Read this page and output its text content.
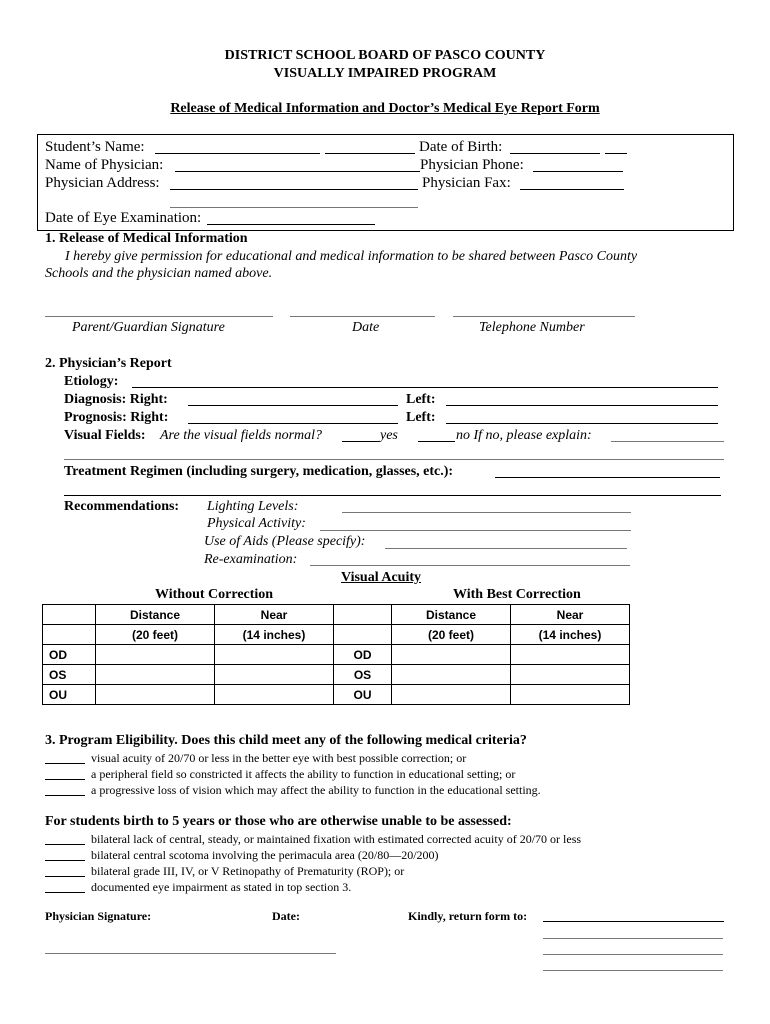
DISTRICT SCHOOL BOARD OF PASCO COUNTY
VISUALLY IMPAIRED PROGRAM
Release of Medical Information and Doctor’s Medical Eye Report Form
Student’s Name:	Date of Birth:
Name of Physician:	Physician Phone:
Physician Address:	Physician Fax:
Date of Eye Examination:
1. Release of Medical Information
I hereby give permission for educational and medical information to be shared between Pasco County
Schools and the physician named above.
Parent/Guardian Signature	Date	Telephone Number
2. Physician’s Report
Etiology:
Diagnosis: Right:	Left:
Prognosis: Right:	Left:
Visual Fields: Are the visual fields normal?	yes	no If no, please explain:
Treatment Regimen (including surgery, medication, glasses, etc.):
Recommendations: Lighting Levels:
Physical Activity:
Use of Aids (Please specify):
Re-examination:
Visual Acuity
Without Correction	With Best Correction
	Distance	Near		Distance	Near
	(20 feet)	(14 inches)		(20 feet)	(14 inches)
OD			OD		
OS			OS		
OU			OU		
3. Program Eligibility. Does this child meet any of the following medical criteria?
visual acuity of 20/70 or less in the better eye with best possible correction; or
a peripheral field so constricted it affects the ability to function in educational setting; or
a progressive loss of vision which may affect the ability to function in the educational setting.
For students birth to 5 years or those who are otherwise unable to be assessed:
bilateral lack of central, steady, or maintained fixation with estimated corrected acuity of 20/70 or less
bilateral central scotoma involving the perimacula area (20/80—20/200)
bilateral grade III, IV, or V Retinopathy of Prematurity (ROP); or
documented eye impairment as stated in top section 3.
Physician Signature:	Date:	Kindly, return form to:
